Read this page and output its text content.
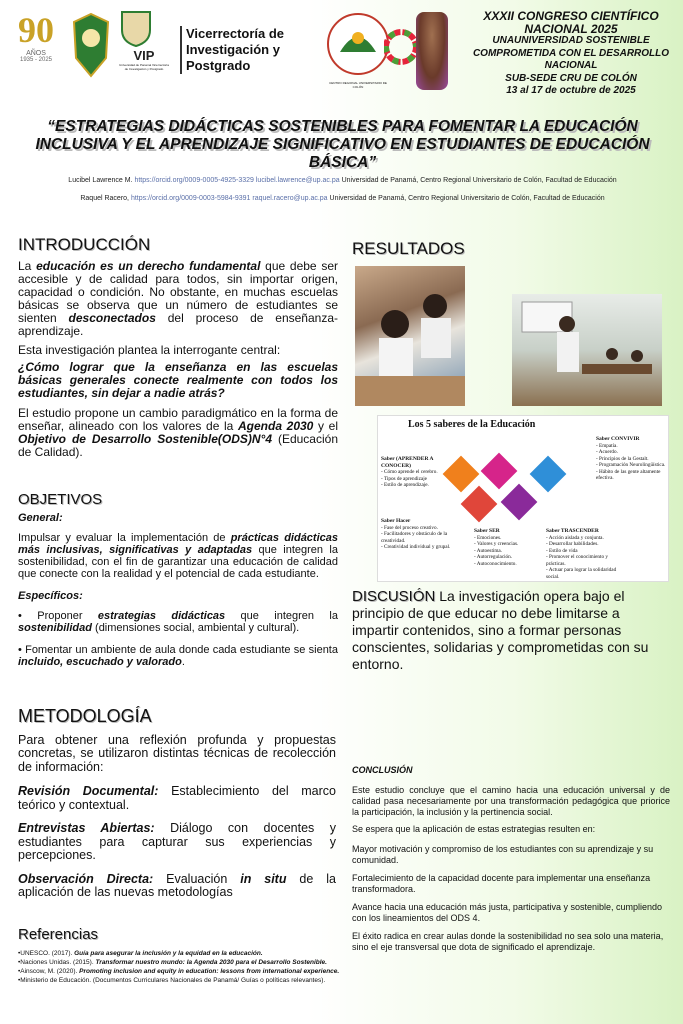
90
AÑOS
1935 - 2025	VIP
Universidad de Panamá Vicerrectoría de Investigación y Postgrado
Vicerrectoría de Investigación y Postgrado
CENTRO REGIONAL UNIVERSITARIO DE COLÓN
XXXII CONGRESO CIENTÍFICO
NACIONAL 2025
UNAUNIVERSIDAD SOSTENIBLE
COMPROMETIDA CON EL DESARROLLO
NACIONAL
SUB-SEDE CRU DE COLÓN
13 al 17 de octubre de 2025
“ESTRATEGIAS DIDÁCTICAS SOSTENIBLES PARA FOMENTAR LA EDUCACIÓN INCLUSIVA Y EL APRENDIZAJE SIGNIFICATIVO EN ESTUDIANTES DE EDUCACIÓN BÁSICA”
Lucibel Lawrence M. https://orcid.org/0009-0005-4925-3329 lucibel.lawrence@up.ac.pa Universidad de Panamá, Centro Regional Universitario de Colón, Facultad de Educación
Raquel Racero, https://orcid.org/0009-0003-5984-9391 raquel.racero@up.ac.pa Universidad de Panamá, Centro Regional Universitario de Colón, Facultad de Educación
INTRODUCCIÓN

La educación es un derecho fundamental que debe ser accesible y de calidad para todos, sin importar origen, capacidad o condición. No obstante, en muchas escuelas básicas se observa que un número de estudiantes se sienten desconectados del proceso de enseñanza-aprendizaje.

Esta investigación plantea la interrogante central:

¿Cómo lograr que la enseñanza en las escuelas básicas generales conecte realmente con todos los estudiantes, sin dejar a nadie atrás?

El estudio propone un cambio paradigmático en la forma de enseñar, alineado con los valores de la Agenda 2030 y el Objetivo de Desarrollo Sostenible(ODS)N°4 (Educación de Calidad).

OBJETIVOS

General:

Impulsar y evaluar la implementación de prácticas didácticas más inclusivas, significativas y adaptadas que integren la sostenibilidad, con el fin de garantizar una educación de calidad que conecte con la realidad y el potencial de cada estudiante.

Específicos:

• Proponer estrategias didácticas que integren la sostenibilidad (dimensiones social, ambiental y cultural).

• Fomentar un ambiente de aula donde cada estudiante se sienta incluido, escuchado y valorado.

METODOLOGÍA

Para obtener una reflexión profunda y propuestas concretas, se utilizaron distintas técnicas de recolección de información:

Revisión Documental: Establecimiento del marco teórico y contextual.

Entrevistas Abiertas: Diálogo con docentes y estudiantes para capturar sus experiencias y percepciones.

Observación Directa: Evaluación in situ de la aplicación de las nuevas metodologías

Referencias

•UNESCO. (2017). Guía para asegurar la inclusión y la equidad en la educación.

•Naciones Unidas. (2015). Transformar nuestro mundo: la Agenda 2030 para el Desarrollo Sostenible.

•Ainscow, M. (2020). Promoting inclusion and equity in education: lessons from international experience.

•Ministerio de Educación. (Documentos Curriculares Nacionales de Panamá/ Guías o políticas relevantes).

RESULTADOS
Los 5 saberes de la Educación
Saber (APRENDER A CONOCER)
- Cómo aprende el cerebro.
- Tipos de aprendizaje
- Estilo de aprendizaje.
Saber CONVIVIR
- Empatía.
- Acuerdo.
- Principios de la Gestalt.
- Programación Neurolingüística.
- Hábito de las gente altamente efectiva.
Saber Hacer
- Fase del proceso creativo.
- Facilitadores y obstáculo de la creatividad.
- Creatividad individual y grupal.
Saber SER
- Emociones.
- Valores y creencias.
- Autoestima.
- Autorregulación.
- Autoconocimiento.
Saber TRASCENDER
- Acción aislada y conjunta.
- Desarrollar habilidades.
- Estilo de vida
- Promover el conocimiento y prácticas.
- Actuar para lograr la solidaridad social.
DISCUSIÓN La investigación opera bajo el principio de que educar no debe limitarse a impartir contenidos, sino a formar personas conscientes, solidarias y comprometidas con su entorno.

CONCLUSIÓN

Este estudio concluye que el camino hacia una educación universal y de calidad pasa necesariamente por una transformación pedagógica que priorice la participación, la inclusión y la pertinencia social.

Se espera que la aplicación de estas estrategias resulten en:

Mayor motivación y compromiso de los estudiantes con su aprendizaje y su comunidad.

Fortalecimiento de la capacidad docente para implementar una enseñanza transformadora.

Avance hacia una educación más justa, participativa y sostenible, cumpliendo con los lineamientos del ODS 4.

El éxito radica en crear aulas donde la sostenibilidad no sea solo una materia, sino el eje transversal que dota de significado el aprendizaje.
